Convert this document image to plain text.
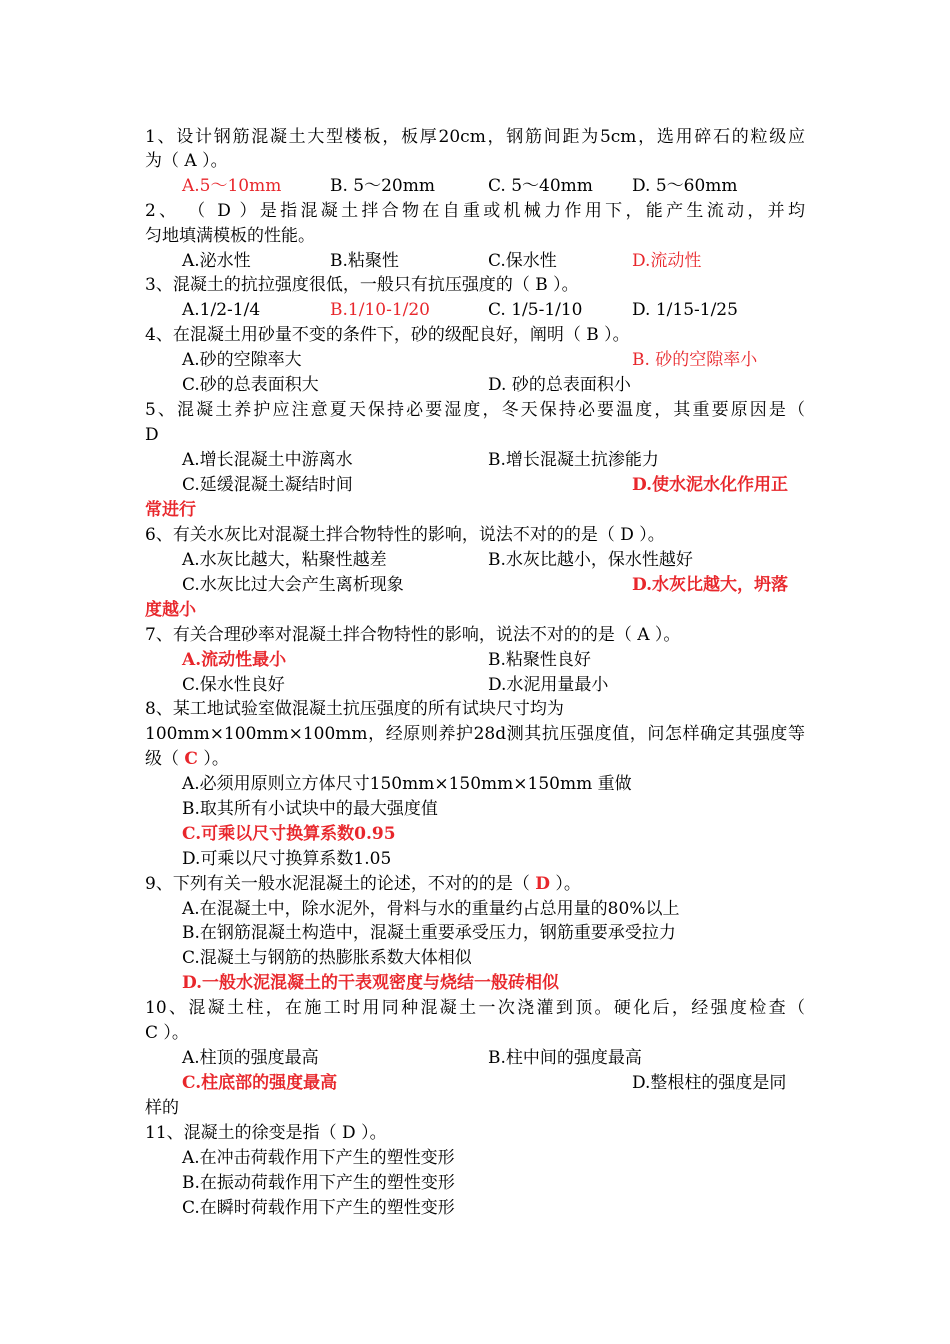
1、设计钢筋混凝土大型楼板，板厚20cm，钢筋间距为5cm，选用碎石的粒级应
为（ A ）。
A.5～10mm	B. 5～20mm	C. 5～40mm D. 5～60mm
2、 （ D ）是指混凝土拌合物在自重或机械力作用下，能产生流动，并均
匀地填满模板的性能。
A.泌水性	B.粘聚性	C.保水性	D.流动性
3、混凝土的抗拉强度很低，一般只有抗压强度的（ B ）。
A.1/2-1/4	B.1/10-1/20	C. 1/5-1/10	D. 1/15-1/25
4、在混凝土用砂量不变的条件下，砂的级配良好，阐明（ B ）。
A.砂的空隙率大	B. 砂的空隙率小
C.砂的总表面积大	D. 砂的总表面积小
5、混凝土养护应注意夏天保持必要湿度，冬天保持必要温度，其重要原因是（
D
A.增长混凝土中游离水	B.增长混凝土抗渗能力
C.延缓混凝土凝结时间	D.使水泥水化作用正
常进行
6、有关水灰比对混凝土拌合物特性的影响，说法不对的的是（ D ）。
A.水灰比越大，粘聚性越差	B.水灰比越小，保水性越好
C.水灰比过大会产生离析现象	D.水灰比越大，坍落
度越小
7、有关合理砂率对混凝土拌合物特性的影响，说法不对的的是（ A ）。
A.流动性最小	B.粘聚性良好
C.保水性良好	D.水泥用量最小
8、某工地试验室做混凝土抗压强度的所有试块尺寸均为
100mm×100mm×100mm，经原则养护28d测其抗压强度值，问怎样确定其强度等
级（ C ）。
A.必须用原则立方体尺寸150mm×150mm×150mm 重做
B.取其所有小试块中的最大强度值
C.可乘以尺寸换算系数0.95
D.可乘以尺寸换算系数1.05
9、下列有关一般水泥混凝土的论述，不对的的是（ D ）。
A.在混凝土中，除水泥外，骨料与水的重量约占总用量的80%以上
B.在钢筋混凝土构造中，混凝土重要承受压力，钢筋重要承受拉力
C.混凝土与钢筋的热膨胀系数大体相似
D.一般水泥混凝土的干表观密度与烧结一般砖相似
10、混凝土柱，在施工时用同种混凝土一次浇灌到顶。硬化后，经强度检查（
C ）。
A.柱顶的强度最高	B.柱中间的强度最高
C.柱底部的强度最高	D.整根柱的强度是同
样的
11、混凝土的徐变是指（ D ）。
A.在冲击荷载作用下产生的塑性变形
B.在振动荷载作用下产生的塑性变形
C.在瞬时荷载作用下产生的塑性变形
